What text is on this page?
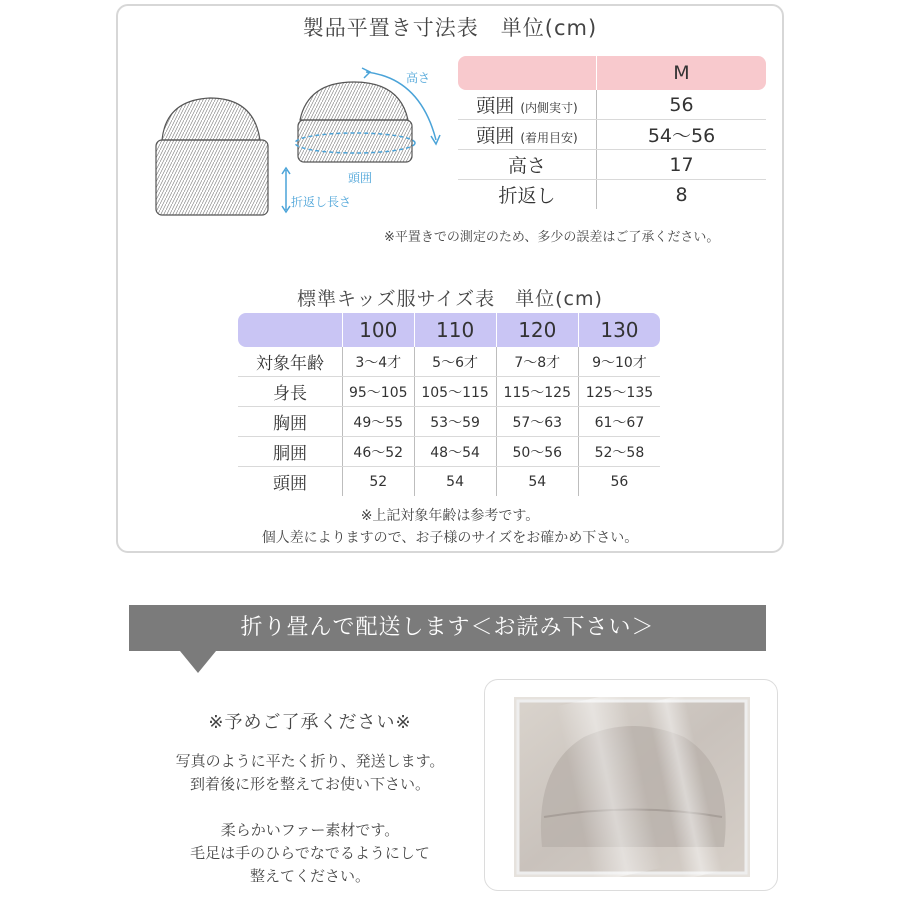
製品平置き寸法表　単位(cm)
高さ
頭囲
折返し長さ
	M
頭囲 (内側実寸)	56
頭囲 (着用目安)	54〜56
高さ	17
折返し	8
※平置きでの測定のため、多少の誤差はご了承ください。
標準キッズ服サイズ表　単位(cm)
	100	110	120	130
対象年齢	3〜4才	5〜6才	7〜8才	9〜10才
身長	95〜105	105〜115	115〜125	125〜135
胸囲	49〜55	53〜59	57〜63	61〜67
胴囲	46〜52	48〜54	50〜56	52〜58
頭囲	52	54	54	56
※上記対象年齢は参考です。
個人差によりますので、お子様のサイズをお確かめ下さい。
折り畳んで配送します＜お読み下さい＞
※予めご了承ください※
写真のように平たく折り、発送します。
到着後に形を整えてお使い下さい。
柔らかいファー素材です。
毛足は手のひらでなでるようにして
整えてください。
